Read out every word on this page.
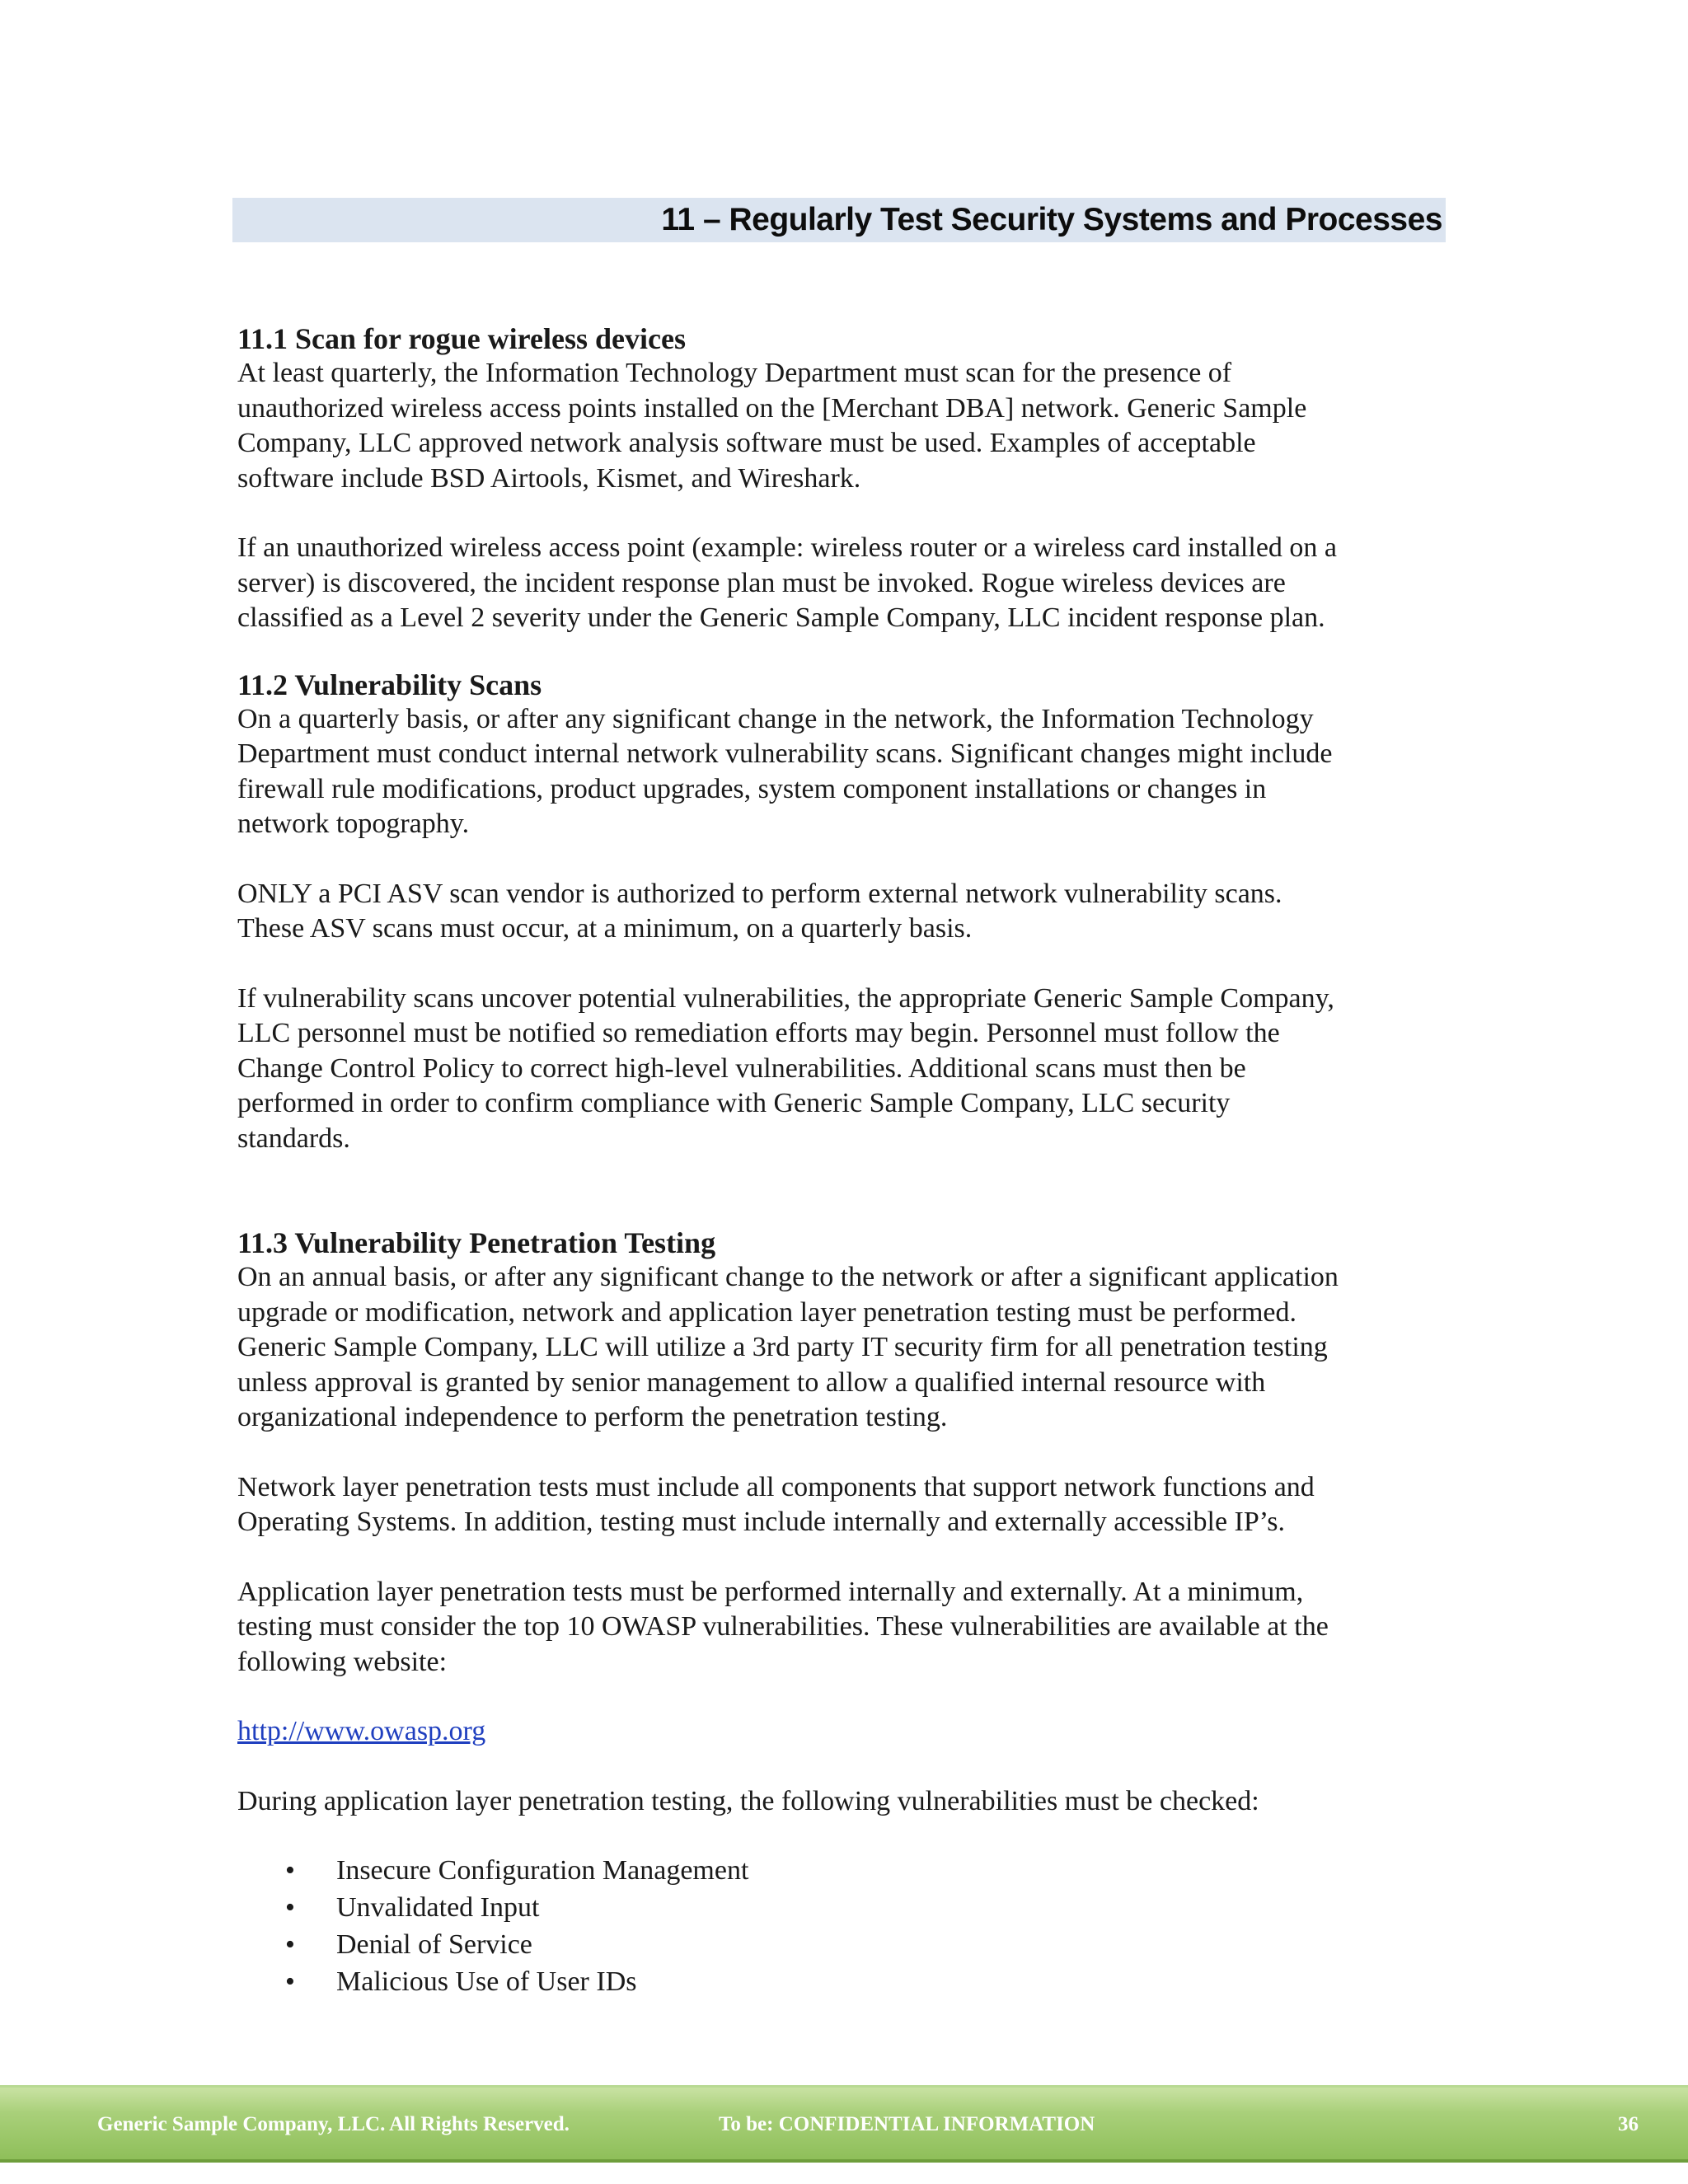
11 – Regularly Test Security Systems and Processes

11.1 Scan for rogue wireless devices

At least quarterly, the Information Technology Department must scan for the presence of
unauthorized wireless access points installed on the [Merchant DBA] network. Generic Sample
Company, LLC approved network analysis software must be used. Examples of acceptable
software include BSD Airtools, Kismet, and Wireshark.

If an unauthorized wireless access point (example: wireless router or a wireless card installed on a
server) is discovered, the incident response plan must be invoked. Rogue wireless devices are
classified as a Level 2 severity under the Generic Sample Company, LLC incident response plan.

11.2 Vulnerability Scans

On a quarterly basis, or after any significant change in the network, the Information Technology
Department must conduct internal network vulnerability scans. Significant changes might include
firewall rule modifications, product upgrades, system component installations or changes in
network topography.

ONLY a PCI ASV scan vendor is authorized to perform external network vulnerability scans.
These ASV scans must occur, at a minimum, on a quarterly basis.

If vulnerability scans uncover potential vulnerabilities, the appropriate Generic Sample Company,
LLC personnel must be notified so remediation efforts may begin. Personnel must follow the
Change Control Policy to correct high-level vulnerabilities. Additional scans must then be
performed in order to confirm compliance with Generic Sample Company, LLC security
standards.

11.3 Vulnerability Penetration Testing

On an annual basis, or after any significant change to the network or after a significant application
upgrade or modification, network and application layer penetration testing must be performed.
Generic Sample Company, LLC will utilize a 3rd party IT security firm for all penetration testing
unless approval is granted by senior management to allow a qualified internal resource with
organizational independence to perform the penetration testing.

Network layer penetration tests must include all components that support network functions and
Operating Systems. In addition, testing must include internally and externally accessible IP’s.

Application layer penetration tests must be performed internally and externally. At a minimum,
testing must consider the top 10 OWASP vulnerabilities. These vulnerabilities are available at the
following website:

http://www.owasp.org

During application layer penetration testing, the following vulnerabilities must be checked:

• Insecure Configuration Management
• Unvalidated Input
• Denial of Service
• Malicious Use of User IDs
Generic Sample Company, LLC. All Rights Reserved.	To be: CONFIDENTIAL INFORMATION	36
